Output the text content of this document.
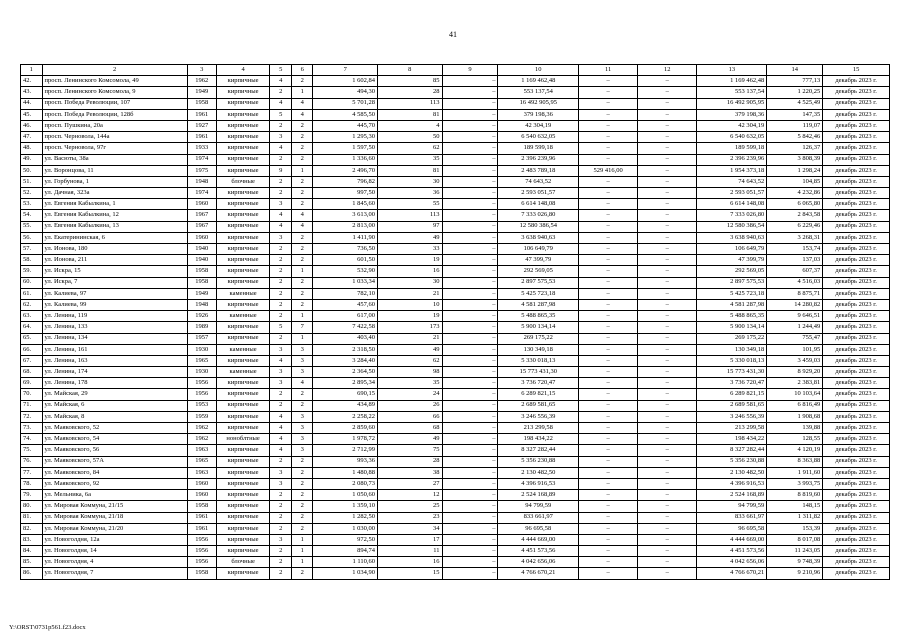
41
1	2	3	4	5	6	7	8	9	10	11	12	13	14	15
42.	просп. Ленинского Комсомола, 49	1962	кирпичные	4	2	1 602,84	85	–	1 169 462,48	–	–	1 169 462,48	777,13	декабрь 2023 г.
43.	просп. Ленинского Комсомола, 9	1949	кирпичные	2	1	494,30	28	–	553 137,54	–	–	553 137,54	1 220,25	декабрь 2023 г.
44.	просп. Победа Революции, 107	1958	кирпичные	4	4	5 701,28	113	–	16 492 905,95	–	–	16 492 905,95	4 525,49	декабрь 2023 г.
45.	просп. Победа Революции, 128б	1961	кирпичные	5	4	4 585,50	81	–	379 198,36	–	–	379 198,36	147,35	декабрь 2023 г.
46.	просп. Пушкина, 20а	1927	кирпичные	2	2	445,70	4	–	42 304,19	–	–	42 304,19	119,07	декабрь 2023 г.
47.	просп. Черновола, 144а	1961	кирпичные	3	2	1 295,30	50	–	6 540 632,05	–	–	6 540 632,05	5 842,46	декабрь 2023 г.
48.	просп. Черновола, 97г	1933	кирпичные	4	2	1 597,50	62	–	189 599,18	–	–	189 599,18	126,37	декабрь 2023 г.
49.	ул. Васюты, 38а	1974	кирпичные	2	2	1 336,60	35	–	2 396 239,96	–	–	2 396 239,96	3 808,39	декабрь 2023 г.
50.	ул. Воронцова, 11	1975	кирпичные	9	1	2 496,70	81	–	2 483 789,18	529 416,00	–	1 954 373,18	1 298,24	декабрь 2023 г.
51.	ул. Горбунова, 1	1948	блочные	2	2	796,82	30	–	74 643,52	–	–	74 643,52	104,85	декабрь 2023 г.
52.	ул. Дачная, 323а	1974	кирпичные	2	2	997,50	36	–	2 593 051,57	–	–	2 593 051,57	4 232,86	декабрь 2023 г.
53.	ул. Евгения Кабылкина, 1	1960	кирпичные	3	2	1 845,60	55	–	6 614 148,08	–	–	6 614 148,08	6 065,80	декабрь 2023 г.
54.	ул. Евгения Кабылкина, 12	1967	кирпичные	4	4	3 613,00	113	–	7 333 026,80	–	–	7 333 026,80	2 843,58	декабрь 2023 г.
55.	ул. Евгения Кабылкина, 13	1967	кирпичные	4	4	2 813,00	97	–	12 580 386,54	–	–	12 580 386,54	6 229,46	декабрь 2023 г.
56.	ул. Екатерининская, 6	1960	кирпичные	3	2	1 411,90	49	–	3 638 940,63	–	–	3 638 940,63	3 268,31	декабрь 2023 г.
57.	ул. Ионова, 180	1940	кирпичные	2	2	736,50	33	–	106 649,79	–	–	106 649,79	153,74	декабрь 2023 г.
58.	ул. Ионова, 211	1940	кирпичные	2	2	601,50	19	–	47 399,79	–	–	47 399,79	137,03	декабрь 2023 г.
59.	ул. Искра, 15	1958	кирпичные	2	1	532,90	16	–	292 569,05	–	–	292 569,05	607,37	декабрь 2023 г.
60.	ул. Искра, 7	1958	кирпичные	2	2	1 033,34	30	–	2 897 575,53	–	–	2 897 575,53	4 516,03	декабрь 2023 г.
61.	ул. Калиева, 97	1949	каменные	2	2	782,10	21	–	5 425 723,18	–	–	5 425 723,18	8 875,71	декабрь 2023 г.
62.	ул. Калиева, 99	1948	кирпичные	2	2	457,60	10	–	4 581 287,98	–	–	4 581 287,98	14 280,82	декабрь 2023 г.
63.	ул. Ленина, 119	1926	каменные	2	1	617,00	19	–	5 488 865,35	–	–	5 488 865,35	9 646,51	декабрь 2023 г.
64.	ул. Ленина, 133	1989	кирпичные	5	7	7 422,58	173	–	5 900 134,14	–	–	5 900 134,14	1 244,49	декабрь 2023 г.
65.	ул. Ленина, 134	1957	кирпичные	2	1	403,40	21	–	269 175,22	–	–	269 175,22	755,47	декабрь 2023 г.
66.	ул. Ленина, 161	1930	каменные	3	3	2 318,50	49	–	130 349,18	–	–	130 349,18	101,95	декабрь 2023 г.
67.	ул. Ленина, 163	1965	кирпичные	4	3	3 284,40	62	–	5 330 018,13	–	–	5 330 018,13	3 459,03	декабрь 2023 г.
68.	ул. Ленина, 174	1930	каменные	3	3	2 364,50	98	–	15 773 431,30	–	–	15 773 431,30	8 929,20	декабрь 2023 г.
69.	ул. Ленина, 178	1956	кирпичные	3	4	2 895,34	35	–	3 736 720,47	–	–	3 736 720,47	2 383,81	декабрь 2023 г.
70.	ул. Майская, 29	1956	кирпичные	2	2	690,15	24	–	6 289 821,15	–	–	6 289 821,15	10 103,64	декабрь 2023 г.
71.	ул. Майская, 6	1953	кирпичные	2	2	434,89	26	–	2 689 581,65	–	–	2 689 581,65	6 816,49	декабрь 2023 г.
72.	ул. Майская, 8	1959	кирпичные	4	3	2 258,22	66	–	3 246 556,39	–	–	3 246 556,39	1 908,68	декабрь 2023 г.
73.	ул. Маяковского, 52	1962	кирпичные	4	3	2 859,60	68	–	213 299,58	–	–	213 299,58	139,88	декабрь 2023 г.
74.	ул. Маяковского, 54	1962	ноноблтные	4	3	1 978,72	49	–	198 434,22	–	–	198 434,22	128,55	декабрь 2023 г.
75.	ул. Маяковского, 56	1963	кирпичные	4	3	2 712,99	75	–	8 327 282,44	–	–	8 327 282,44	4 120,19	декабрь 2023 г.
76.	ул. Маяковского, 57А	1965	кирпичные	2	2	993,36	28	–	5 356 230,88	–	–	5 356 230,88	8 363,88	декабрь 2023 г.
77.	ул. Маяковского, 84	1963	кирпичные	3	2	1 480,88	38	–	2 130 482,50	–	–	2 130 482,50	1 911,60	декабрь 2023 г.
78.	ул. Маяковского, 92	1960	кирпичные	3	2	2 080,73	27	–	4 396 916,53	–	–	4 396 916,53	3 993,75	декабрь 2023 г.
79.	ул. Мельника, 6а	1960	кирпичные	2	2	1 050,60	12	–	2 524 168,89	–	–	2 524 168,89	8 819,60	декабрь 2023 г.
80.	ул. Мировая Коммуна, 21/15	1958	кирпичные	2	2	1 359,10	25	–	94 799,59	–	–	94 799,59	148,15	декабрь 2023 г.
81.	ул. Мировая Коммуна, 21/18	1961	кирпичные	2	2	1 282,50	23	–	833 661,97	–	–	833 661,97	1 311,82	декабрь 2023 г.
82.	ул. Мировая Коммуна, 21/20	1961	кирпичные	2	2	1 030,00	34	–	96 695,58	–	–	96 695,58	153,39	декабрь 2023 г.
83.	ул. Новоголдня, 12а	1956	кирпичные	3	1	972,50	17	–	4 444 669,00	–	–	4 444 669,00	8 017,08	декабрь 2023 г.
84.	ул. Новоголдня, 14	1956	кирпичные	2	1	894,74	11	–	4 451 573,56	–	–	4 451 573,56	11 243,05	декабрь 2023 г.
85.	ул. Новоголдня, 4	1956	блочные	2	1	1 110,60	16	–	4 042 656,06	–	–	4 042 656,06	9 748,39	декабрь 2023 г.
86.	ул. Новоголдня, 7	1958	кирпичные	2	2	1 034,90	15	–	4 766 670,21	–	–	4 766 670,21	9 210,96	декабрь 2023 г.
Y:\ORST\0731p561.f23.docx
